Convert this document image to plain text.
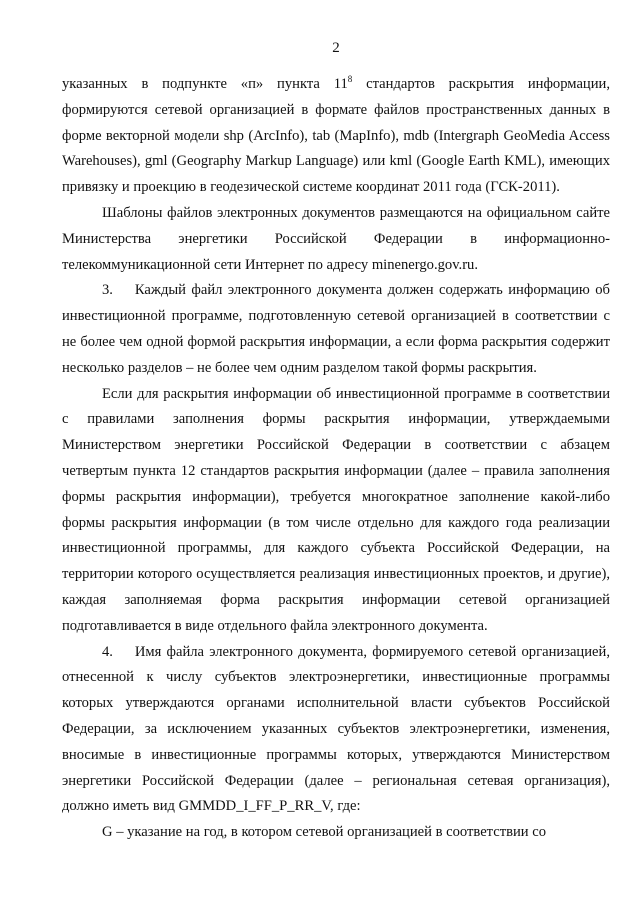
2

указанных в подпункте «п» пункта $11^8$ стандартов раскрытия информации, формируются сетевой организацией в формате файлов пространственных данных в форме векторной модели shp (ArcInfo), tab (MapInfo), mdb (Intergraph GeoMedia Access Warehouses), gml (Geography Markup Language) или kml (Google Earth KML), имеющих привязку и проекцию в геодезической системе координат 2011 года (ГСК-2011).

Шаблоны файлов электронных документов размещаются на официальном сайте Министерства энергетики Российской Федерации в информационно-телекоммуникационной сети Интернет по адресу minenergo.gov.ru.

3.  Каждый файл электронного документа должен содержать информацию об инвестиционной программе, подготовленную сетевой организацией в соответствии с не более чем одной формой раскрытия информации, а если форма раскрытия содержит несколько разделов – не более чем одним разделом такой формы раскрытия.

Если для раскрытия информации об инвестиционной программе в соответствии с правилами заполнения формы раскрытия информации, утверждаемыми Министерством энергетики Российской Федерации в соответствии с абзацем четвертым пункта 12 стандартов раскрытия информации (далее – правила заполнения формы раскрытия информации), требуется многократное заполнение какой-либо формы раскрытия информации (в том числе отдельно для каждого года реализации инвестиционной программы, для каждого субъекта Российской Федерации, на территории которого осуществляется реализация инвестиционных проектов, и другие), каждая заполняемая форма раскрытия информации сетевой организацией подготавливается в виде отдельного файла электронного документа.

4.  Имя файла электронного документа, формируемого сетевой организацией, отнесенной к числу субъектов электроэнергетики, инвестиционные программы которых утверждаются органами исполнительной власти субъектов Российской Федерации, за исключением указанных субъектов электроэнергетики, изменения, вносимые в инвестиционные программы которых, утверждаются Министерством энергетики Российской Федерации (далее – региональная сетевая организация), должно иметь вид GMMDD_I_FF_P_RR_V, где:

G – указание на год, в котором сетевой организацией в соответствии со
